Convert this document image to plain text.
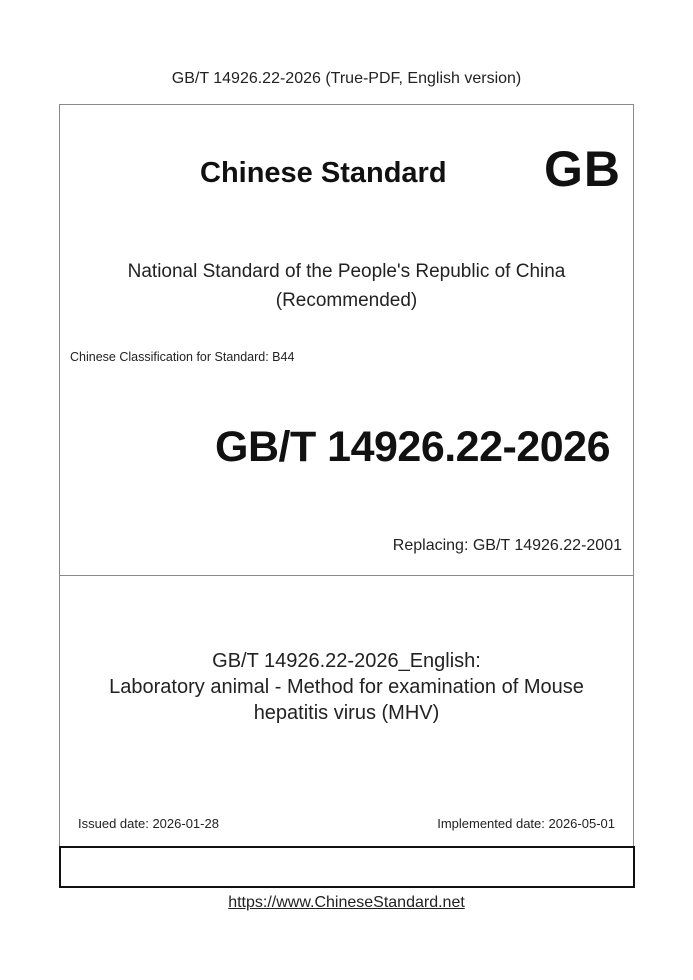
GB/T 14926.22-2026 (True-PDF, English version)
Chinese Standard GB
National Standard of the People's Republic of China
(Recommended)
Chinese Classification for Standard: B44
GB/T 14926.22-2026
Replacing: GB/T 14926.22-2001
GB/T 14926.22-2026_English:
Laboratory animal - Method for examination of Mouse
hepatitis virus (MHV)
Issued date: 2026-01-28	Implemented date: 2026-05-01
https://www.ChineseStandard.net
